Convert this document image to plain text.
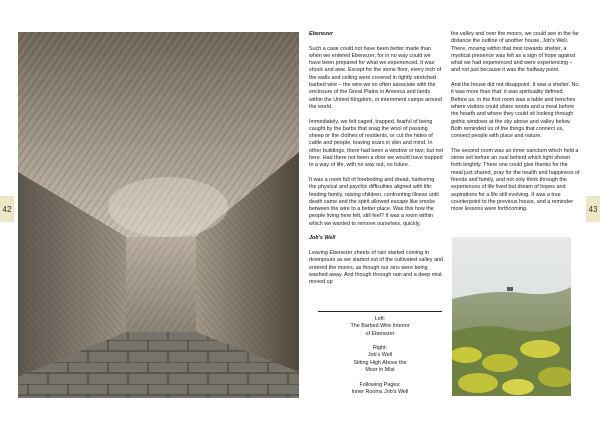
42	43
Ebenezer

Such a case could not have been better made than when we entered Ebenezer, for in no way could we have been prepared for what we experienced. It was shock and awe. Except for the stone floor, every inch of the walls and ceiling were covered in tightly stretched barbed wire – the wire we so often associate with the enclosure of the Great Plains in America and lands within the United Kingdom, or internment camps around the world.

Immediately, we felt caged, trapped, fearful of being caught by the barbs that snag the wool of passing sheep or the clothes of residents, or cut the hides of cattle and people, leaving scars in skin and mind. In other buildings, there had been a window or two; but not here. Had there not been a door we would have trapped to a way of life, with no way out, no future.

It was a room full of foreboding and dread, harboring the physical and psychic difficulties aligned with life: feeding family, raising children, confronting illness until death came and the spirit allowed escape like smoke between the wire to a better place. Was this how the people living here felt, still feel? It was a room within which we wanted to remove ourselves, quickly.

Job's Well

Leaving Ebenezer sheets of rain started coming in downpours as we started out of the cultivated valley and entered the moors, as though our sins were being washed away. And though through rain and a deep mist moved up

Left:
The Barbed Wire Interior
of Ebenezer
Right:
Job's Well
Sitting High Above the
Moor in Mist
Following Pages:
Inner Rooms Job's Well

the valley and over the moors, we could see in the far distance the outline of another house, Job's Well. There, moving within that mist towards shelter, a mystical presence was felt as a sign of hope against what we had experienced and were experiencing – and not just because it was the halfway point.

And the house did not disappoint. It was a shelter. No, it was more than that: it was spirituality defined. Before us, in the first room was a table and benches where visitors could share words and a meal before the hearth and where they could sit looking through gothic windows at the sky above and valley below. Both reminded us of the things that connect us, connect people with place and nature.

The second room was an inner sanctum which held a stone set before an oval behind which light shown forth brightly. There one could give thanks for the meal just shared, pray for the health and happiness of friends and family, and not only think through the experiences of life lived but dream of hopes and aspirations for a life still evolving. It was a true counterpoint to the previous house, and a reminder more lessons were forthcoming.
